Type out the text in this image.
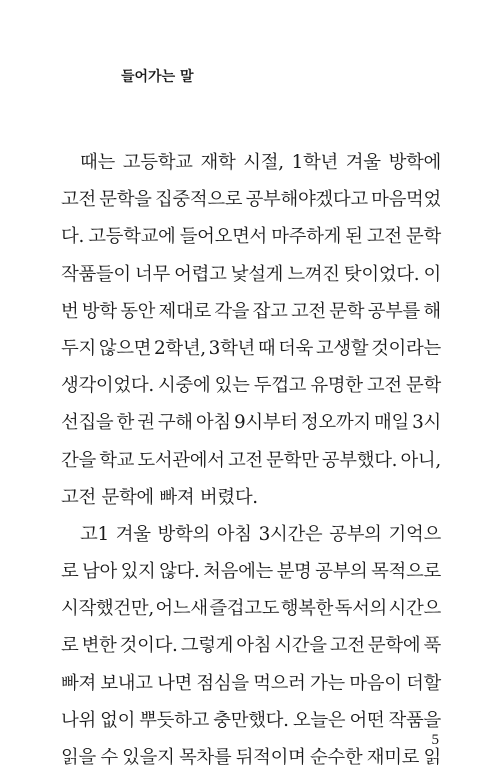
들어가는 말
때는 고등학교 재학 시절, 1학년 겨울 방학에
고전 문학을 집중적으로 공부해야겠다고 마음먹었
다. 고등학교에 들어오면서 마주하게 된 고전 문학
작품들이 너무 어렵고 낯설게 느껴진 탓이었다. 이
번 방학 동안 제대로 각을 잡고 고전 문학 공부를 해
두지 않으면 2학년, 3학년 때 더욱 고생할 것이라는
생각이었다. 시중에 있는 두껍고 유명한 고전 문학
선집을 한 권 구해 아침 9시부터 정오까지 매일 3시
간을 학교 도서관에서 고전 문학만 공부했다. 아니,
고전 문학에 빠져 버렸다.
고1 겨울 방학의 아침 3시간은 공부의 기억으
로 남아 있지 않다. 처음에는 분명 공부의 목적으로
시작했건만, 어느새 즐겁고도 행복한 독서의 시간으
로 변한 것이다. 그렇게 아침 시간을 고전 문학에 푹
빠져 보내고 나면 점심을 먹으러 가는 마음이 더할
나위 없이 뿌듯하고 충만했다. 오늘은 어떤 작품을
읽을 수 있을지 목차를 뒤적이며 순수한 재미로 읽
5
